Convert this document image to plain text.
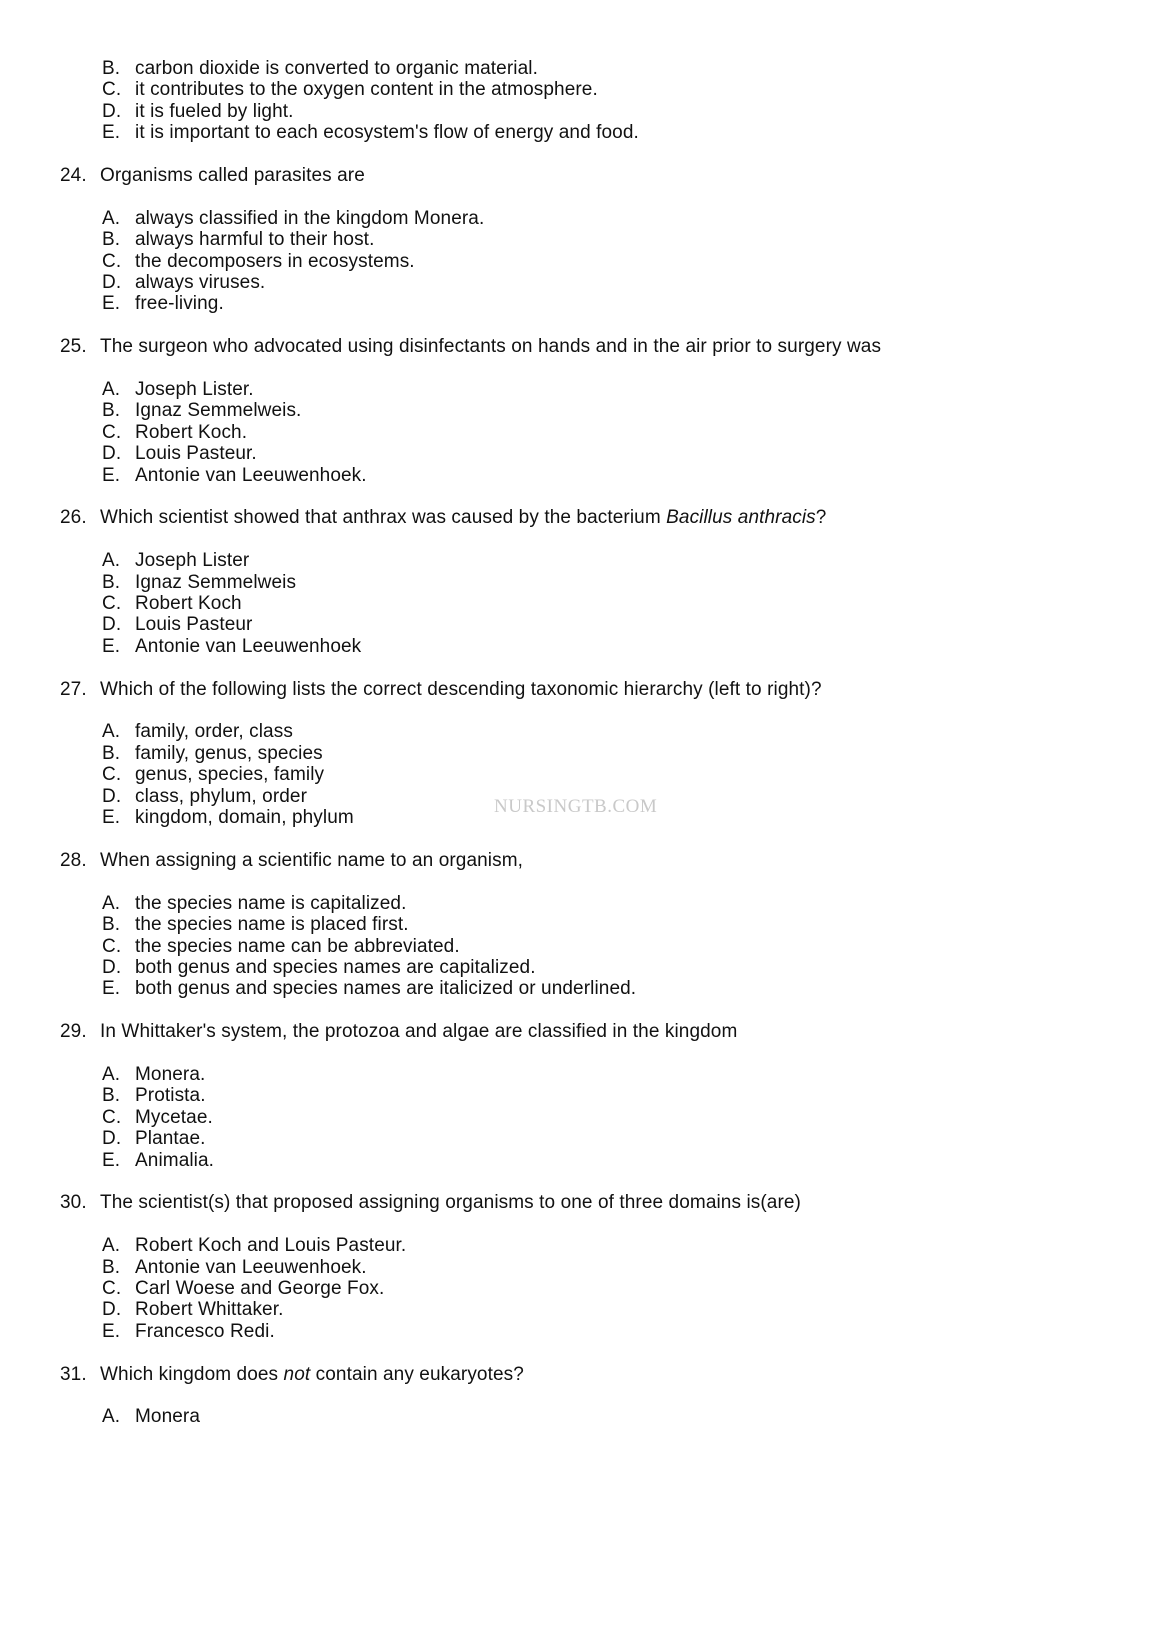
B. carbon dioxide is converted to organic material.
C. it contributes to the oxygen content in the atmosphere.
D. it is fueled by light.
E. it is important to each ecosystem's flow of energy and food.
24. Organisms called parasites are
A. always classified in the kingdom Monera.
B. always harmful to their host.
C. the decomposers in ecosystems.
D. always viruses.
E. free-living.
25. The surgeon who advocated using disinfectants on hands and in the air prior to surgery was
A. Joseph Lister.
B. Ignaz Semmelweis.
C. Robert Koch.
D. Louis Pasteur.
E. Antonie van Leeuwenhoek.
26. Which scientist showed that anthrax was caused by the bacterium Bacillus anthracis?
A. Joseph Lister
B. Ignaz Semmelweis
C. Robert Koch
D. Louis Pasteur
E. Antonie van Leeuwenhoek
27. Which of the following lists the correct descending taxonomic hierarchy (left to right)?
A. family, order, class
B. family, genus, species
C. genus, species, family
D. class, phylum, order
E. kingdom, domain, phylum
28. When assigning a scientific name to an organism,
A. the species name is capitalized.
B. the species name is placed first.
C. the species name can be abbreviated.
D. both genus and species names are capitalized.
E. both genus and species names are italicized or underlined.
29. In Whittaker's system, the protozoa and algae are classified in the kingdom
A. Monera.
B. Protista.
C. Mycetae.
D. Plantae.
E. Animalia.
30. The scientist(s) that proposed assigning organisms to one of three domains is(are)
A. Robert Koch and Louis Pasteur.
B. Antonie van Leeuwenhoek.
C. Carl Woese and George Fox.
D. Robert Whittaker.
E. Francesco Redi.
31. Which kingdom does not contain any eukaryotes?
A. Monera
NURSINGTB.COM
